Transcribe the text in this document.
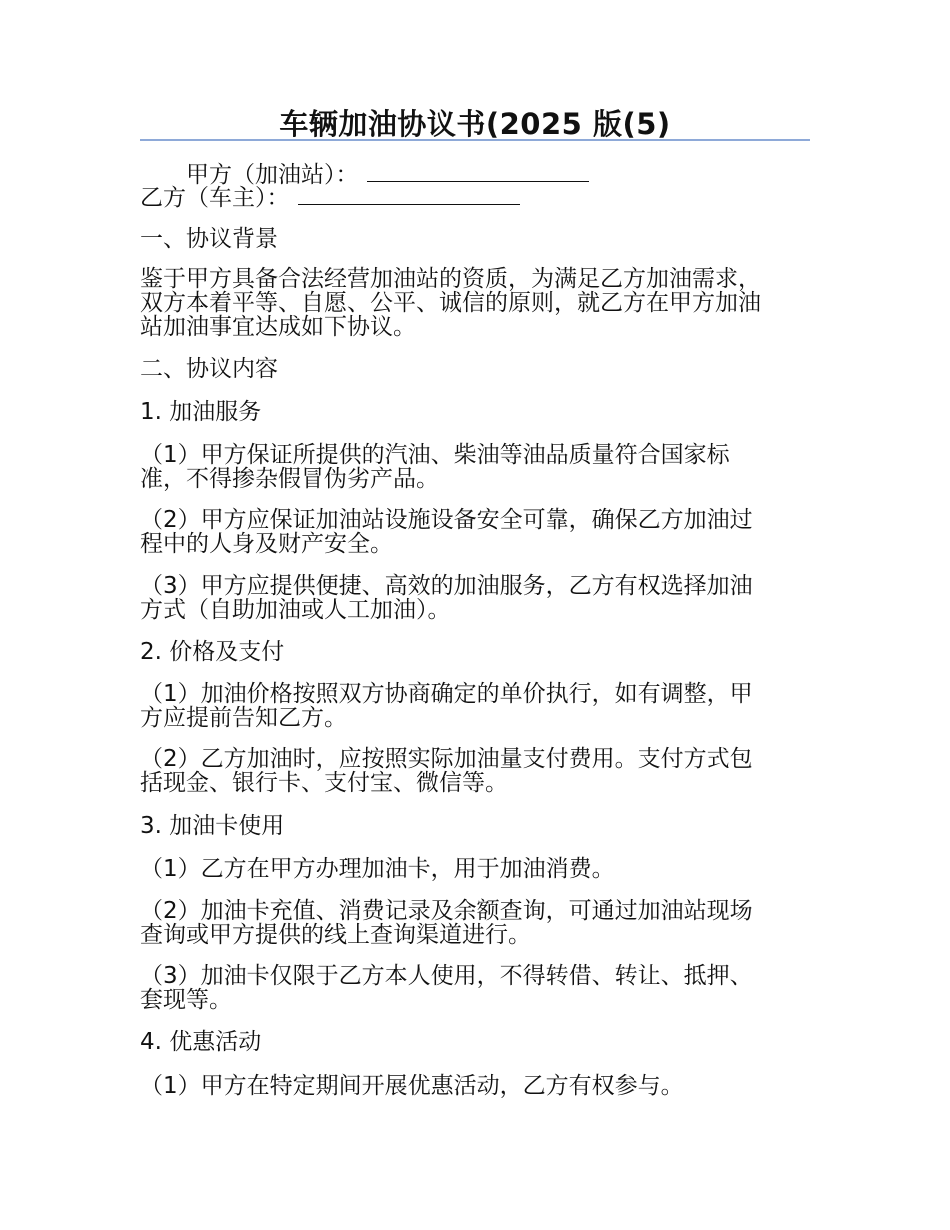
车辆加油协议书(2025 版(5)

甲方（加油站）：

乙方（车主）：

一、协议背景

鉴于甲方具备合法经营加油站的资质，为满足乙方加油需求，
双方本着平等、自愿、公平、诚信的原则，就乙方在甲方加油
站加油事宜达成如下协议。

二、协议内容

1. 加油服务

（1）甲方保证所提供的汽油、柴油等油品质量符合国家标
准，不得掺杂假冒伪劣产品。
（2）甲方应保证加油站设施设备安全可靠，确保乙方加油过
程中的人身及财产安全。
（3）甲方应提供便捷、高效的加油服务，乙方有权选择加油
方式（自助加油或人工加油）。

2. 价格及支付

（1）加油价格按照双方协商确定的单价执行，如有调整，甲
方应提前告知乙方。
（2）乙方加油时，应按照实际加油量支付费用。支付方式包
括现金、银行卡、支付宝、微信等。

3. 加油卡使用

（1）乙方在甲方办理加油卡，用于加油消费。

（2）加油卡充值、消费记录及余额查询，可通过加油站现场
查询或甲方提供的线上查询渠道进行。
（3）加油卡仅限于乙方本人使用，不得转借、转让、抵押、
套现等。

4. 优惠活动

（1）甲方在特定期间开展优惠活动，乙方有权参与。
